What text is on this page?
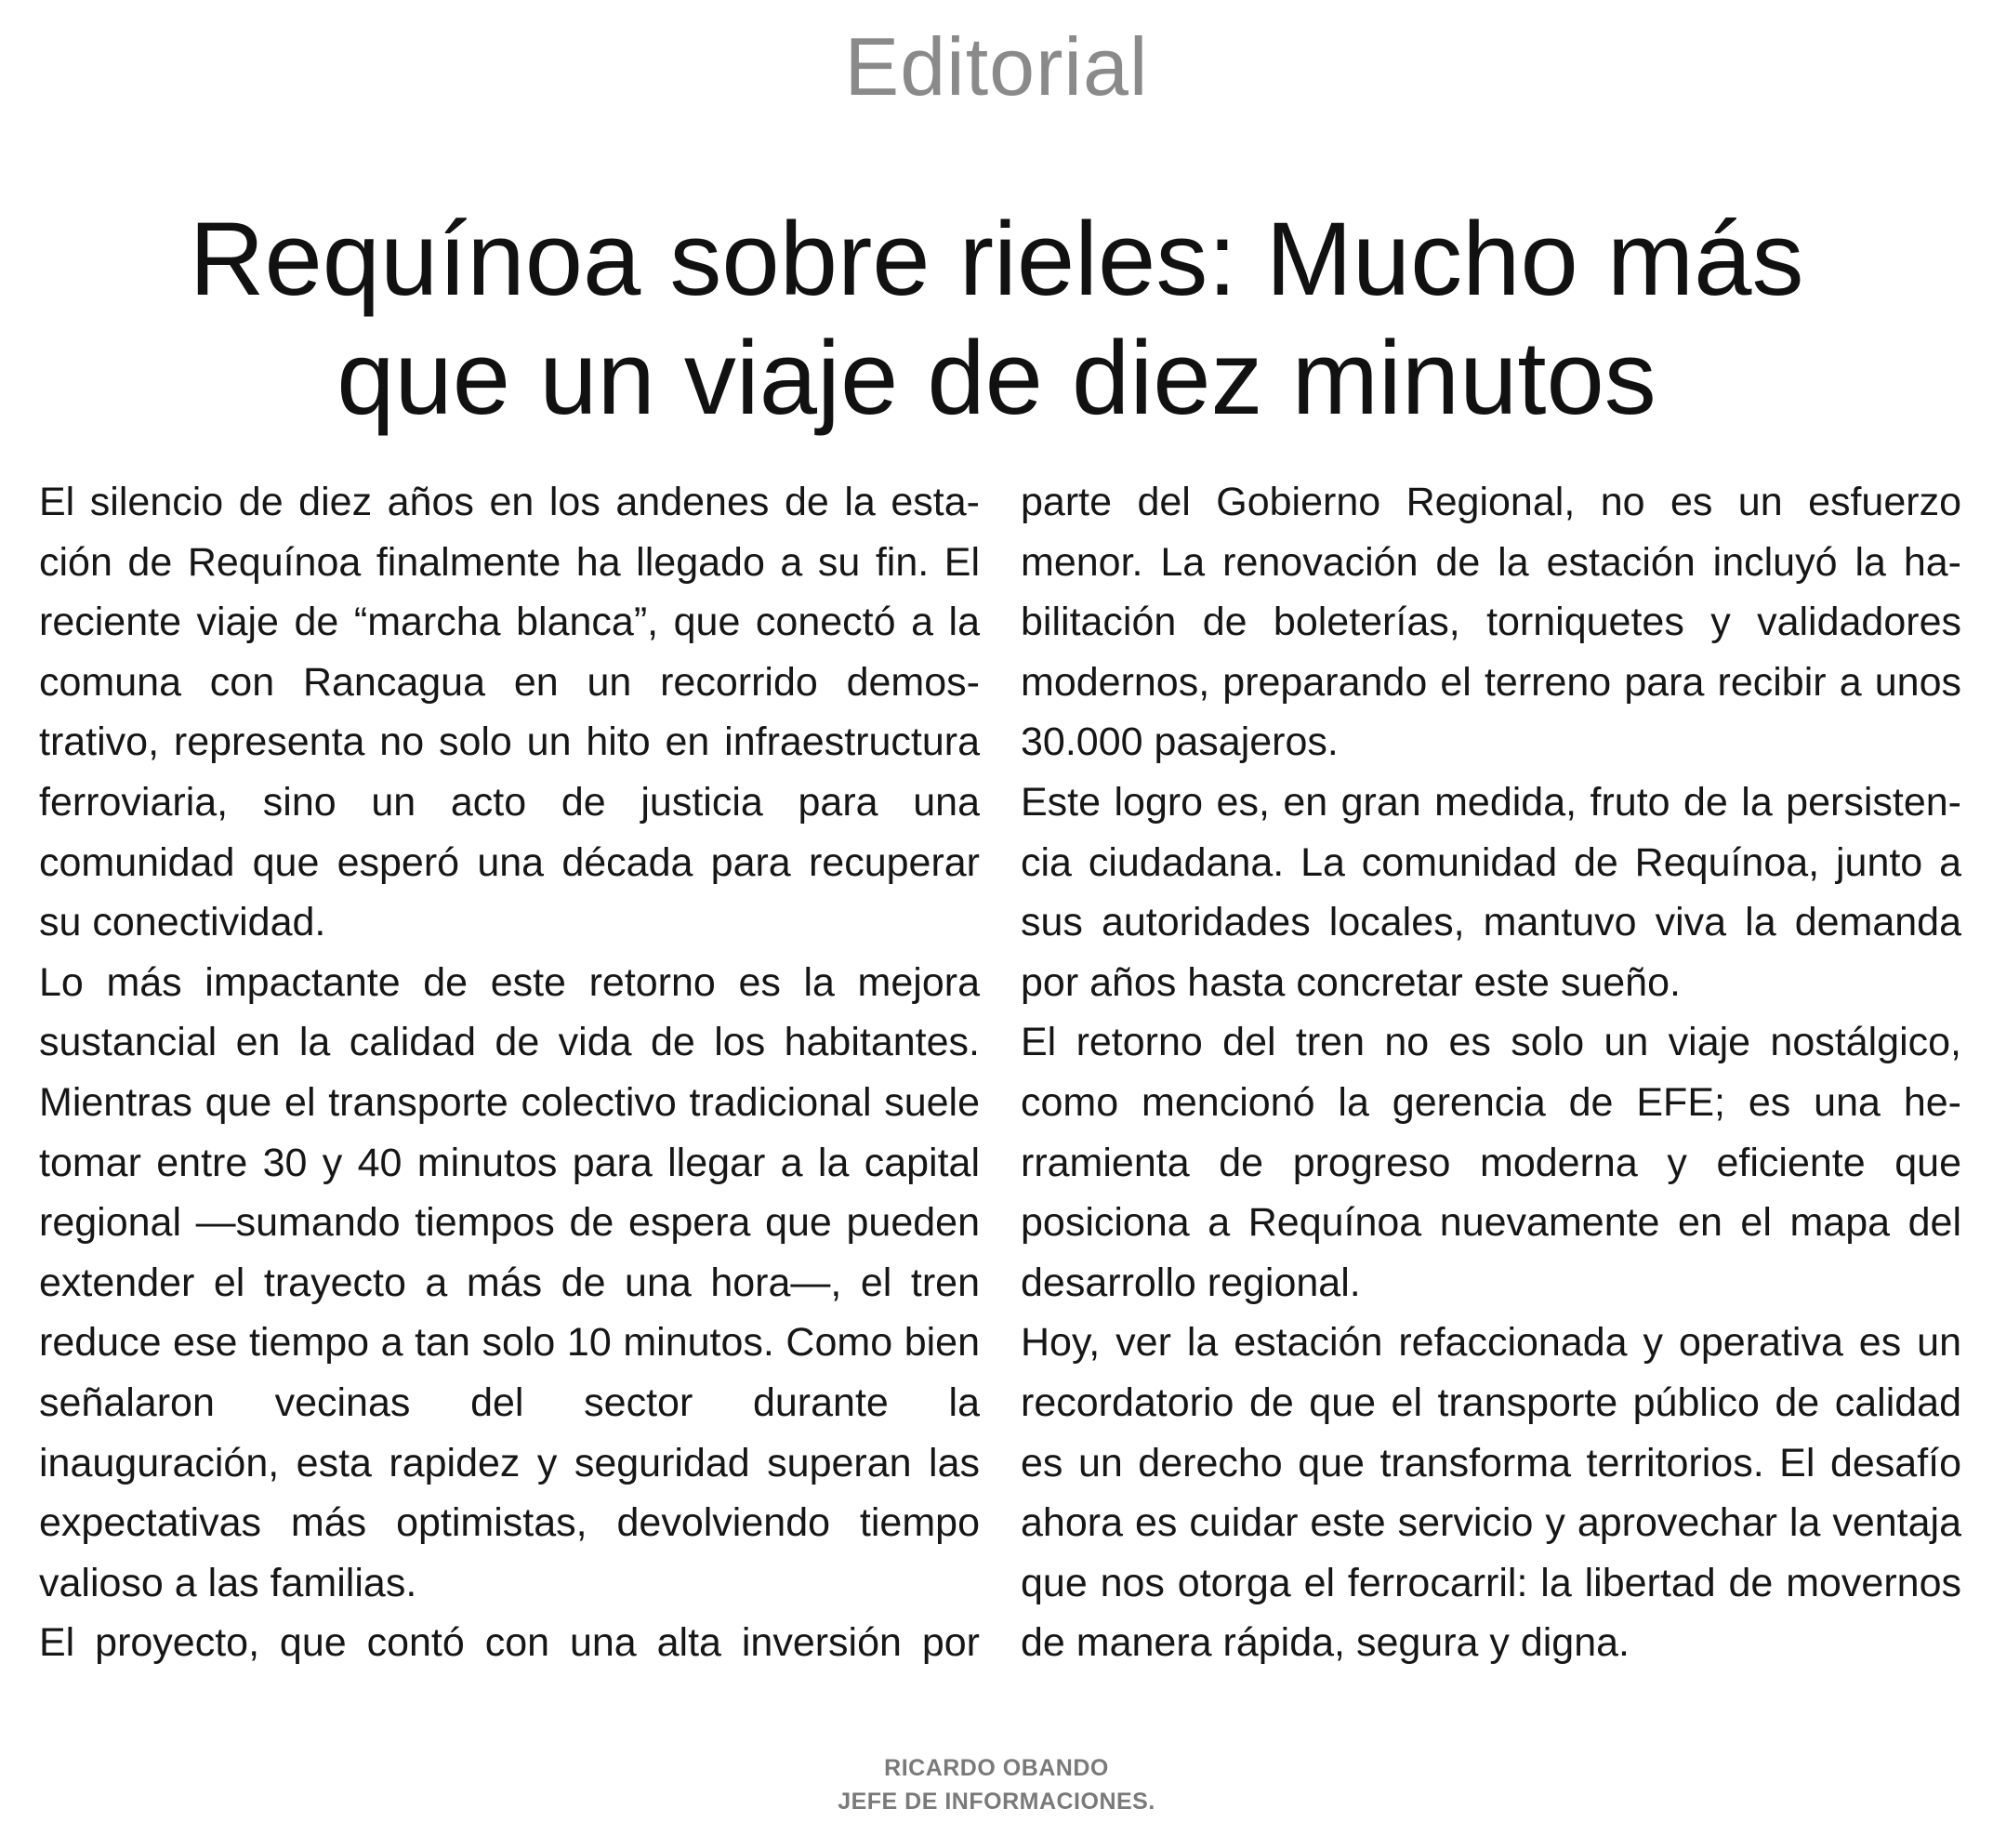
Editorial
Requínoa sobre rieles: Mucho más
que un viaje de diez minutos

El silencio de diez años en los andenes de la estación de Requínoa finalmente ha llegado a su fin. El reciente viaje de “marcha blanca”, que conectó a la comuna con Rancagua en un recorrido demostrativo, representa no solo un hito en infraestructura ferroviaria, sino un acto de justicia para una comunidad que esperó una década para recuperar su conectividad.

Lo más impactante de este retorno es la mejora sustancial en la calidad de vida de los habitantes. Mientras que el transporte colectivo tradicional suele tomar entre 30 y 40 minutos para llegar a la capital regional —sumando tiempos de espera que pueden extender el trayecto a más de una hora—, el tren reduce ese tiempo a tan solo 10 minutos. Como bien señalaron vecinas del sector durante la inauguración, esta rapidez y seguridad superan las expectativas más optimistas, devolviendo tiempo valioso a las familias.

El proyecto, que contó con una alta inversión por

parte del Gobierno Regional, no es un esfuerzo menor. La renovación de la estación incluyó la habilitación de boleterías, torniquetes y validadores modernos, preparando el terreno para recibir a unos 30.000 pasajeros.

Este logro es, en gran medida, fruto de la persistencia ciudadana. La comunidad de Requínoa, junto a sus autoridades locales, mantuvo viva la demanda por años hasta concretar este sueño.

El retorno del tren no es solo un viaje nostálgico, como mencionó la gerencia de EFE; es una herramienta de progreso moderna y eficiente que posiciona a Requínoa nuevamente en el mapa del desarrollo regional.

Hoy, ver la estación refaccionada y operativa es un recordatorio de que el transporte público de calidad es un derecho que transforma territorios. El desafío ahora es cuidar este servicio y aprovechar la ventaja que nos otorga el ferrocarril: la libertad de movernos de manera rápida, segura y digna.

RICARDO OBANDO
JEFE DE INFORMACIONES.
